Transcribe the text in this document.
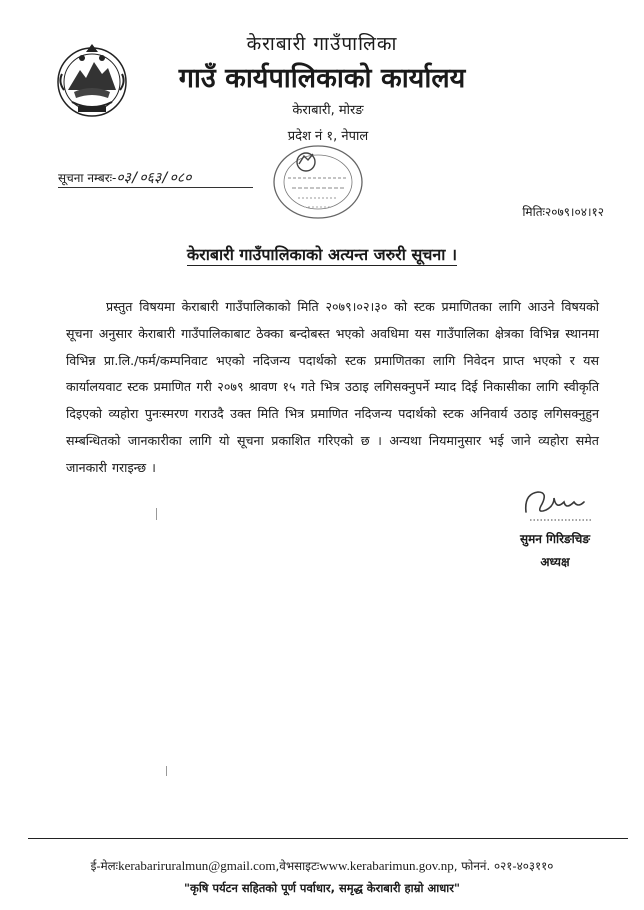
केराबारी गाउँपालिका
गाउँ कार्यपालिकाको कार्यालय
केराबारी, मोरङ
प्रदेश नं १, नेपाल
सूचना नम्बरः-०३/०६३/०८०
मितिः२०७९।०४।१२
केराबारी गाउँपालिकाको अत्यन्त जरुरी सूचना ।
प्रस्तुत विषयमा केराबारी गाउँपालिकाको मिति २०७९।०२।३० को स्टक प्रमाणितका लागि आउने विषयको सूचना अनुसार केराबारी गाउँपालिकाबाट ठेक्का बन्दोबस्त भएको अवधिमा यस गाउँपालिका क्षेत्रका विभिन्न स्थानमा विभिन्न प्रा.लि./फर्म/कम्पनिवाट भएको नदिजन्य पदार्थको स्टक प्रमाणितका लागि निवेदन प्राप्त भएको र यस कार्यालयवाट स्टक प्रमाणित गरी २०७९ श्रावण १५ गते भित्र उठाइ लगिसक्नुपर्ने म्याद दिई निकासीका लागि स्वीकृति दिइएको व्यहोरा पुनःस्मरण गराउदै उक्त मिति भित्र प्रमाणित नदिजन्य पदार्थको स्टक अनिवार्य उठाइ लगिसक्नुहुन सम्बन्धितको जानकारीका लागि यो सूचना प्रकाशित गरिएको छ । अन्यथा नियमानुसार भई जाने व्यहोरा समेत जानकारी गराइन्छ ।
सुमन गिरिङचिङ
अध्यक्ष
ई-मेलःkerabariruralmun@gmail.com,वेभसाइटःwww.kerabarimun.gov.np, फोननं. ०२१-४०३११०
"कृषि पर्यटन सहितको पूर्ण पर्वाधार, समृद्ध केराबारी हाम्रो आधार"
